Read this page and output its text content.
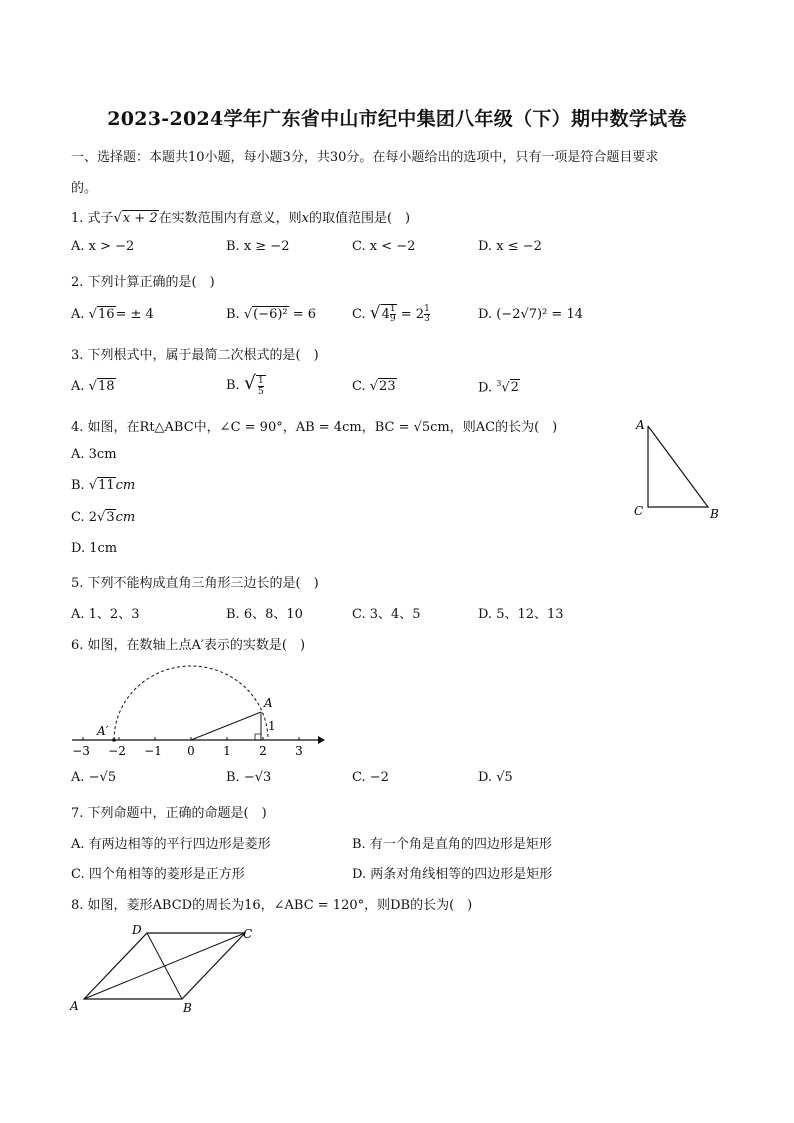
2023-2024学年广东省中山市纪中集团八年级（下）期中数学试卷
一、选择题：本题共10小题，每小题3分，共30分。在每小题给出的选项中，只有一项是符合题目要求
的。
1. 式子√x + 2在实数范围内有意义，则x的取值范围是(　)
A. x > −2	B. x ≥ −2	C. x < −2	D. x ≤ −2
2. 下列计算正确的是(　)
A. √16= ± 4	B. √(−6)² = 6	C. $√4 \frac{1}{9} = 2 \frac{1}{3}$	D. (−2√7)² = 14
3. 下列根式中，属于最简二次根式的是(　)
A. √18	B. √ $\frac{1}{5}$	C. √23	D. $^3$√2
4. 如图，在Rt△ABC中，∠C = 90°，AB = 4cm，BC = √5cm，则AC的长为(　)
A. 3cm
B. √11cm
C. 2√3cm
D. 1cm
A
C	B
5. 下列不能构成直角三角形三边长的是(　)
A. 1、2、3	B. 6、8、10	C. 3、4、5	D. 5、12、13
6. 如图，在数轴上点A′表示的实数是(　)
−3 −2 −1 0 1 2 3
A
A′	1
A. −√5	B. −√3	C. −2	D. √5
7. 下列命题中，正确的命题是(　)
A. 有两边相等的平行四边形是菱形	B. 有一个角是直角的四边形是矩形
C. 四个角相等的菱形是正方形	D. 两条对角线相等的四边形是矩形
8. 如图，菱形ABCD的周长为16，∠ABC = 120°，则DB的长为(　)
A	B
C
D
